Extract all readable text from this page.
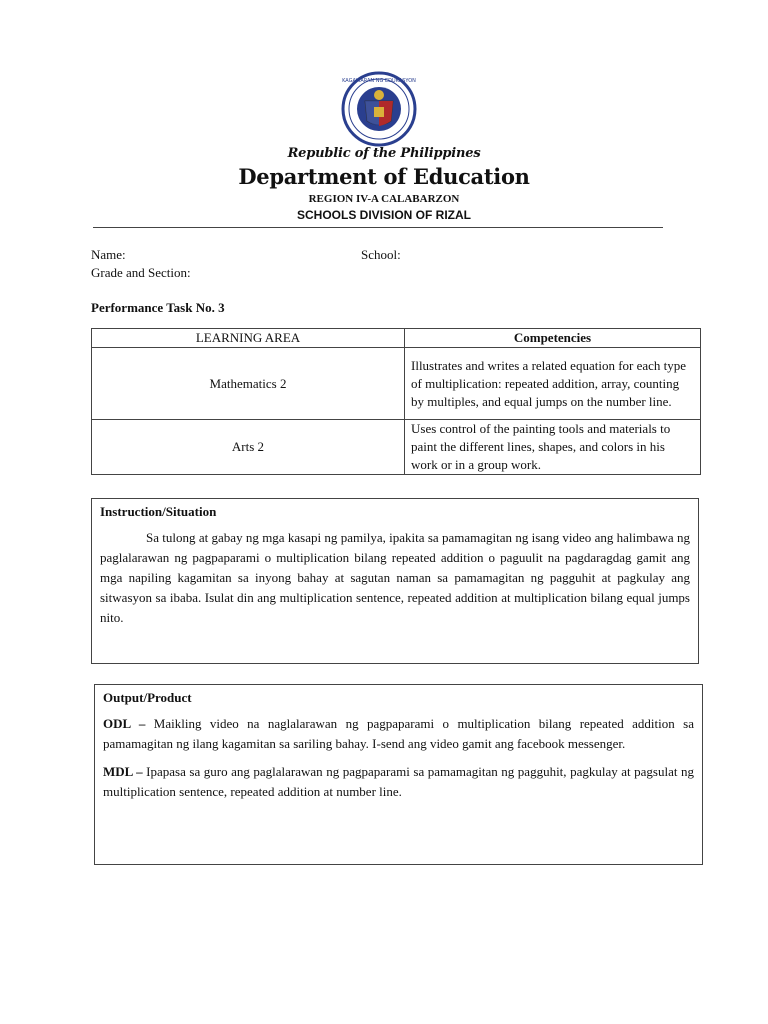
KAGAWARAN NG EDUKASYON
Republic of the Philippines
Department of Education
REGION IV-A CALABARZON
SCHOOLS DIVISION OF RIZAL
Name:	School:
Grade and Section:
Performance Task No. 3
LEARNING AREA	Competencies
Mathematics 2	Illustrates and writes a related equation for each type of multiplication: repeated addition, array, counting by multiples, and equal jumps on the number line.
Arts 2	Uses control of the painting tools and materials to paint the different lines, shapes, and colors in his work or in a group work.
Instruction/Situation

Sa tulong at gabay ng mga kasapi ng pamilya, ipakita sa pamamagitan ng isang video ang halimbawa ng paglalarawan ng pagpaparami o multiplication bilang repeated addition o paguulit na pagdaragdag gamit ang mga napiling kagamitan sa inyong bahay at sagutan naman sa pamamagitan ng pagguhit at pagkulay ang sitwasyon sa ibaba. Isulat din ang multiplication sentence, repeated addition at multiplication bilang equal jumps nito.

Output/Product

ODL – Maikling video na naglalarawan ng pagpaparami o multiplication bilang repeated addition sa pamamagitan ng ilang kagamitan sa sariling bahay. I-send ang video gamit ang facebook messenger.

MDL – Ipapasa sa guro ang paglalarawan ng pagpaparami sa pamamagitan ng pagguhit, pagkulay at pagsulat ng multiplication sentence, repeated addition at number line.
